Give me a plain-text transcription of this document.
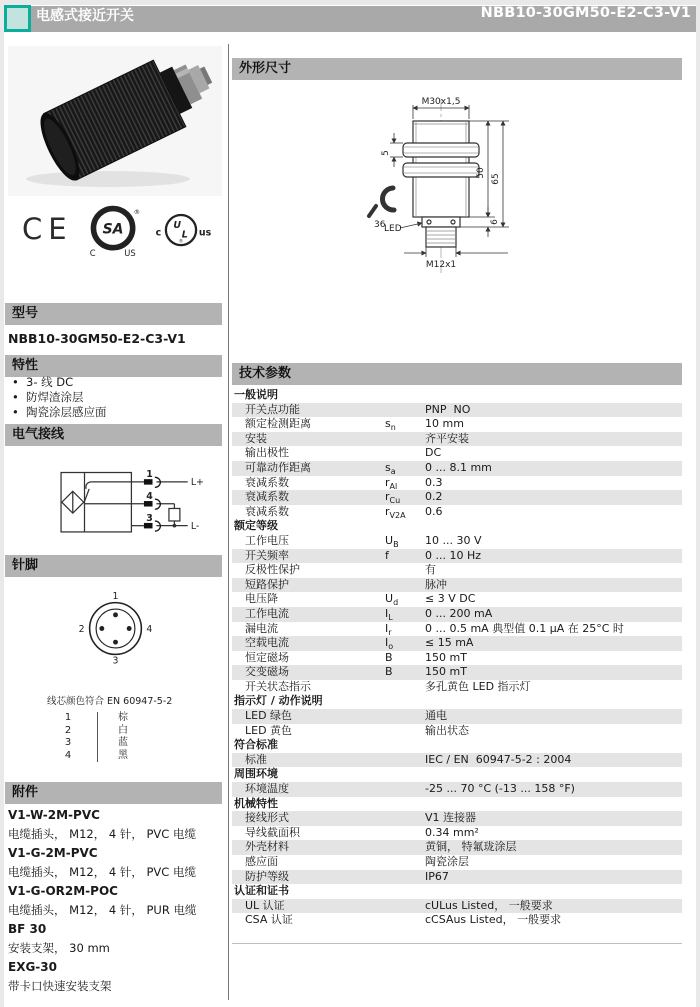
电感式接近开关	NBB10-30GM50-E2-C3-V1
CE SA
®
C	US
U
L
®
c	us
型号
NBB10-30GM50-E2-C3-V1
特性
• 3- 线 DC
• 防焊渣涂层
• 陶瓷涂层感应面
电气接线
1
4
3
L+
L-
针脚
1
2	4
3
线芯颜色符合 EN 60947-5-2
1	棕
2	白
3	蓝
4	黑
附件
V1-W-2M-PVC
电缆插头， M12， 4 针， PVC 电缆
V1-G-2M-PVC
电缆插头， M12， 4 针， PVC 电缆
V1-G-OR2M-POC
电缆插头， M12， 4 针， PUR 电缆
BF 30
安装支架， 30 mm
EXG-30
带卡口快速安装支架
外形尺寸
M30x1,5
5
36
50
65
6
LED
M12x1
技术参数
一般说明
开关点功能	PNP  NO
额定检测距离	$s_n$	10 mm
安装	齐平安装
输出极性	DC
可靠动作距离	$s_a$	0 ... 8.1 mm
衰减系数	$r_{Al}$	0.3
衰减系数	$r_{Cu}$	0.2
衰减系数	$r_{V2A}$	0.6
额定等级
工作电压	$U_B$	10 ... 30 V
开关频率	f	0 ... 10 Hz
反极性保护	有
短路保护	脉冲
电压降	$U_d$	≤ 3 V DC
工作电流	$I_L$	0 ... 200 mA
漏电流	$I_r$	0 ... 0.5 mA 典型值 0.1 μA 在 25°C 时
空载电流	$I_o$	≤ 15 mA
恒定磁场	B	150 mT
交变磁场	B	150 mT
开关状态指示	多孔黄色 LED 指示灯
指示灯 / 动作说明
LED 绿色	通电
LED 黄色	输出状态
符合标准
标准	IEC / EN  60947-5-2 : 2004
周围环境
环境温度	-25 ... 70 °C (-13 ... 158 °F)
机械特性
接线形式	V1 连接器
导线截面积	0.34 mm²
外壳材料	黄铜， 特氟珑涂层
感应面	陶瓷涂层
防护等级	IP67
认证和证书
UL 认证	cULus Listed， 一般要求
CSA 认证	cCSAus Listed， 一般要求
